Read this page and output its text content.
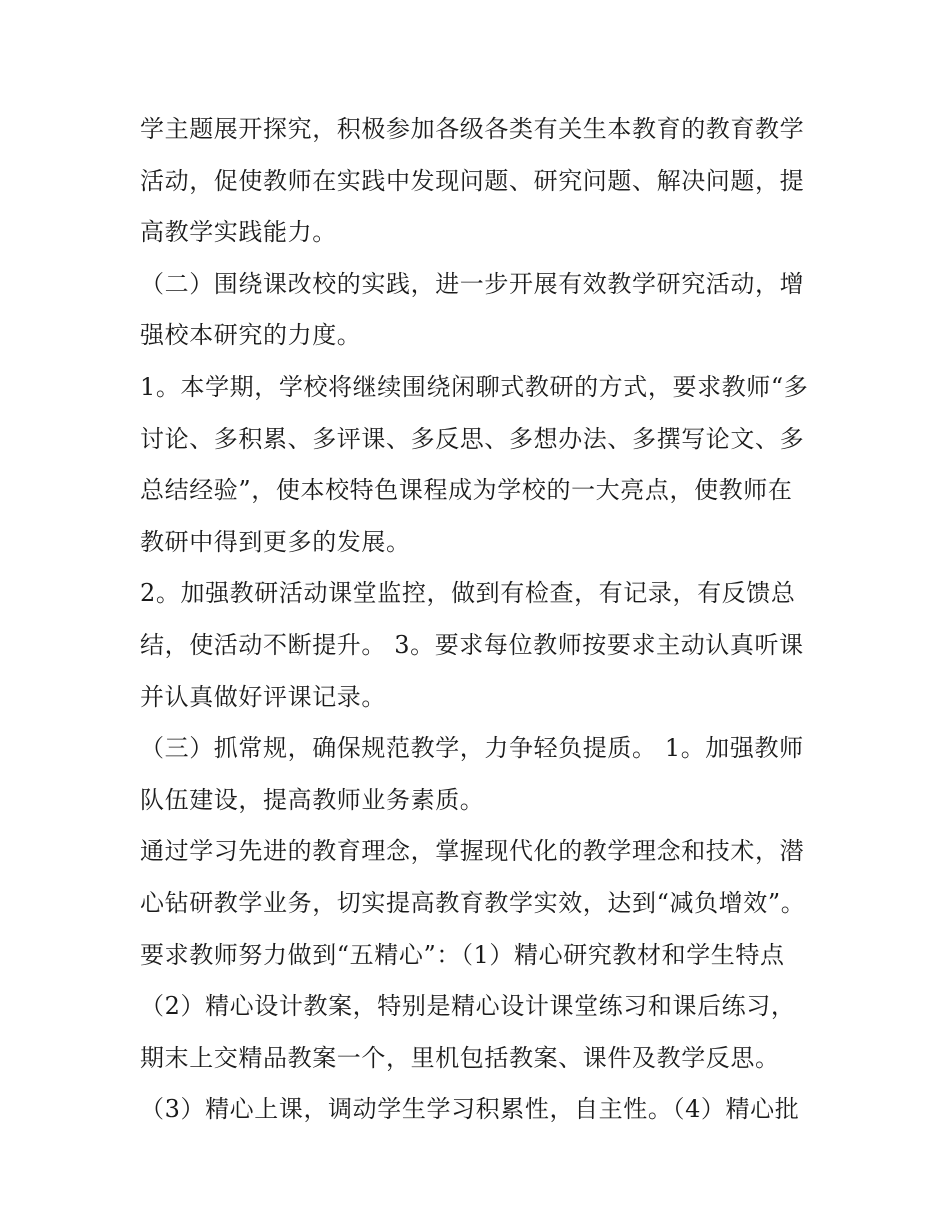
学主题展开探究，积极参加各级各类有关生本教育的教育教学
活动，促使教师在实践中发现问题、研究问题、解决问题，提
高教学实践能力。
（二）围绕课改校的实践，进一步开展有效教学研究活动，增
强校本研究的力度。
1。本学期，学校将继续围绕闲聊式教研的方式，要求教师“多
讨论、多积累、多评课、多反思、多想办法、多撰写论文、多
总结经验”，使本校特色课程成为学校的一大亮点，使教师在
教研中得到更多的发展。
2。加强教研活动课堂监控，做到有检查，有记录，有反馈总
结，使活动不断提升。 3。要求每位教师按要求主动认真听课
并认真做好评课记录。
（三）抓常规，确保规范教学，力争轻负提质。 1。加强教师
队伍建设，提高教师业务素质。
通过学习先进的教育理念，掌握现代化的教学理念和技术，潜
心钻研教学业务，切实提高教育教学实效，达到“减负增效”。
要求教师努力做到“五精心”：（1）精心研究教材和学生特点
（2）精心设计教案，特别是精心设计课堂练习和课后练习，
期末上交精品教案一个，里机包括教案、课件及教学反思。
（3）精心上课，调动学生学习积累性，自主性。（4）精心批
